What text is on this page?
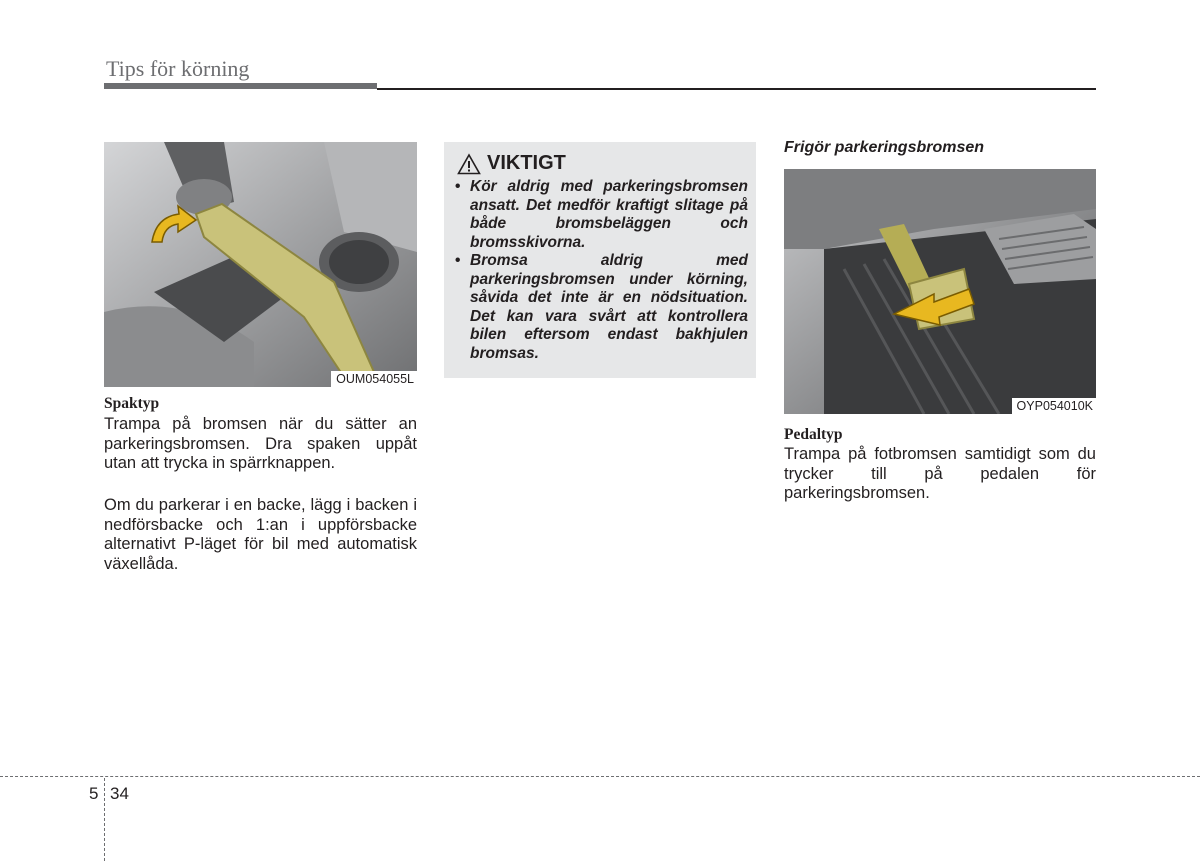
Tips för körning
OUM054055L
Spaktyp

Trampa på bromsen när du sätter an parkeringsbromsen. Dra spaken uppåt utan att trycka in spärrknappen.

Om du parkerar i en backe, lägg i backen i nedförsbacke och 1:an i uppförsbacke alternativt P-läget för bil med automatisk växellåda.

VIKTIGT
• Kör aldrig med parkeringsbromsen ansatt. Det medför kraftigt slitage på både bromsbeläggen och bromsskivorna.
• Bromsa aldrig med parkeringsbromsen under körning, såvida det inte är en nödsituation. Det kan vara svårt att kontrollera bilen eftersom endast bakhjulen bromsas.
Frigör parkeringsbromsen
OYP054010K
Pedaltyp

Trampa på fotbromsen samtidigt som du trycker till på pedalen för parkeringsbromsen.

5 34
